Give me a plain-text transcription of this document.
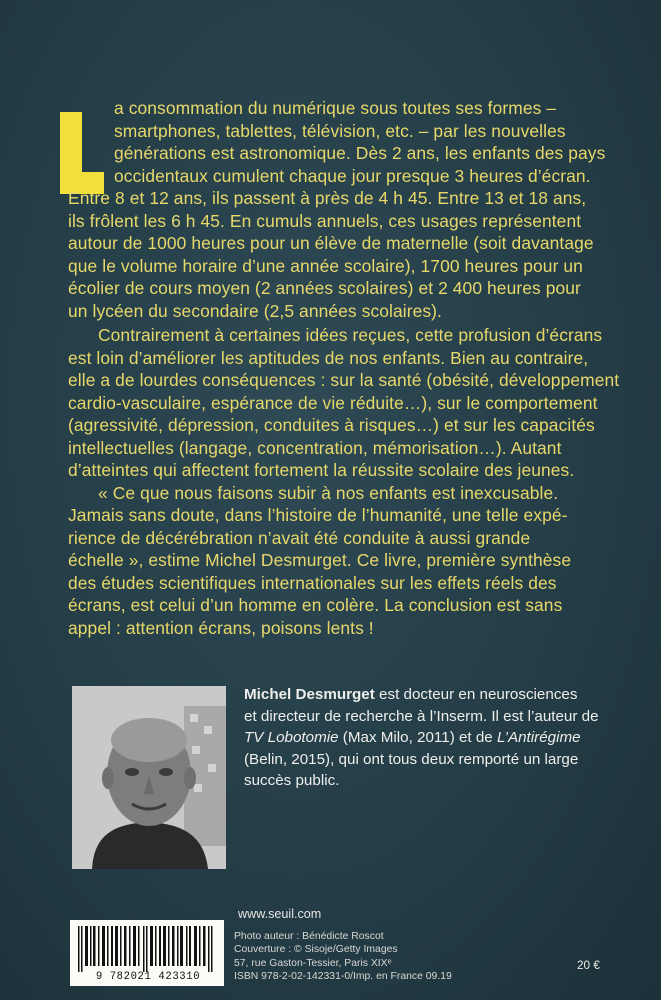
a consommation du numérique sous toutes ses formes –
smartphones, tablettes, télévision, etc. – par les nouvelles
générations est astronomique. Dès 2 ans, les enfants des pays
occidentaux cumulent chaque jour presque 3 heures d’écran.
Entre 8 et 12 ans, ils passent à près de 4 h 45. Entre 13 et 18 ans,
ils frôlent les 6 h 45. En cumuls annuels, ces usages représentent
autour de 1000 heures pour un élève de maternelle (soit davantage
que le volume horaire d’une année scolaire), 1700 heures pour un
écolier de cours moyen (2 années scolaires) et 2 400 heures pour
un lycéen du secondaire (2,5 années scolaires).

Contrairement à certaines idées reçues, cette profusion d’écrans
est loin d’améliorer les aptitudes de nos enfants. Bien au contraire,
elle a de lourdes conséquences : sur la santé (obésité, développement
cardio-vasculaire, espérance de vie réduite…), sur le comportement
(agressivité, dépression, conduites à risques…) et sur les capacités
intellectuelles (langage, concentration, mémorisation…). Autant
d’atteintes qui affectent fortement la réussite scolaire des jeunes.

« Ce que nous faisons subir à nos enfants est inexcusable.
Jamais sans doute, dans l’histoire de l’humanité, une telle expé-
rience de décérébration n’avait été conduite à aussi grande
échelle », estime Michel Desmurget. Ce livre, première synthèse
des études scientifiques internationales sur les effets réels des
écrans, est celui d’un homme en colère. La conclusion est sans
appel : attention écrans, poisons lents !

Michel Desmurget est docteur en neurosciences
et directeur de recherche à l’Inserm. Il est l’auteur de
TV Lobotomie (Max Milo, 2011) et de L’Antirégime
(Belin, 2015), qui ont tous deux remporté un large
succès public.
www.seuil.com
Photo auteur : Bénédicte Roscot
Couverture : © Sisoje/Getty Images
57, rue Gaston-Tessier, Paris XIXᵉ
ISBN 978-2-02-142331-0/Imp. en France 09.19
20 €
9 782021 423310
